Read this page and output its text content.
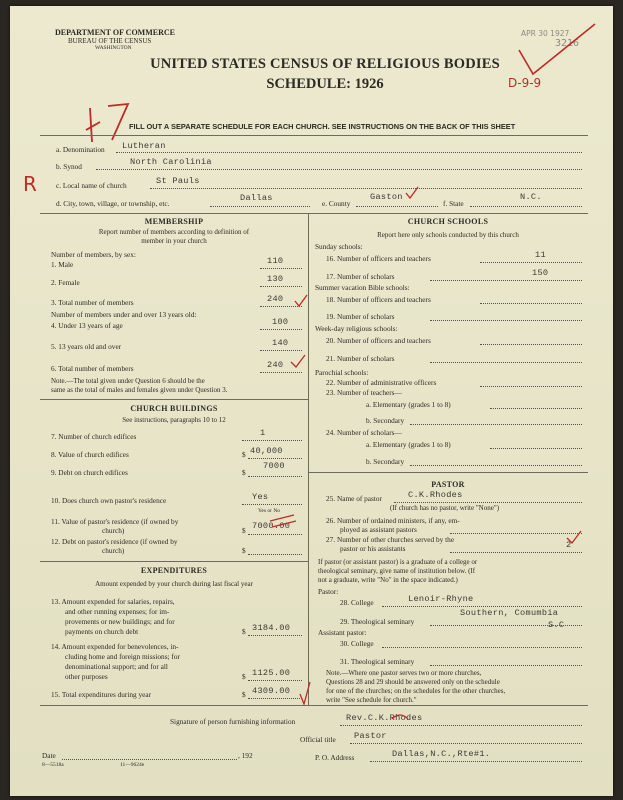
DEPARTMENT OF COMMERCE
BUREAU OF THE CENSUS
WASHINGTON
UNITED STATES CENSUS OF RELIGIOUS BODIES
SCHEDULE: 1926
APR 30 1927
3216
D-9-9
FILL OUT A SEPARATE SCHEDULE FOR EACH CHURCH. SEE INSTRUCTIONS ON THE BACK OF THIS SHEET
R
a. Denomination Lutheran
b. Synod	North Carolinia
c. Local name of church	St Pauls
d. City, town, village, or township, etc.
Dallas
e. County
Gaston
f. State
N.C.
MEMBERSHIP
Report number of members according to definition of
member in your church
Number of members, by sex:
1. Male	110
2. Female	130
3. Total number of members	240
Number of members under and over 13 years old:
4. Under 13 years of age	100
5. 13 years old and over	140
6. Total number of members	240
Note.—The total given under Question 6 should be the
same as the total of males and females given under Question 3.
CHURCH BUILDINGS
See instructions, paragraphs 10 to 12
7. Number of church edifices	1
8. Value of church edifices	$ 40,000
9. Debt on church edifices	$
7000
10. Does church own pastor's residence	Yes
Yes or No
11. Value of pastor's residence (if owned by
church)	$ 7000.00
12. Debt on pastor's residence (if owned by
church)	$
EXPENDITURES
Amount expended by your church during last fiscal year
13. Amount expended for salaries, repairs,
and other running expenses; for im-
provements or new buildings; and for
payments on church debt	$ 3184.00
14. Amount expended for benevolences, in-
cluding home and foreign missions; for
denominational support; and for all
other purposes	$ 1125.00
15. Total expenditures during year	$ 4309.00
CHURCH SCHOOLS
Report here only schools conducted by this church
Sunday schools:
16. Number of officers and teachers	11
17. Number of scholars	150
Summer vacation Bible schools:
18. Number of officers and teachers
19. Number of scholars
Week-day religious schools:
20. Number of officers and teachers
21. Number of scholars
Parochial schools:
22. Number of administrative officers
23. Number of teachers—
a. Elementary (grades 1 to 8)
b. Secondary
24. Number of scholars—
a. Elementary (grades 1 to 8)
b. Secondary
PASTOR
25. Name of pastor	C.K.Rhodes
(If church has no pastor, write "None")
26. Number of ordained ministers, if any, em-
ployed as assistant pastors
27. Number of other churches served by the
pastor or his assistants	2
If pastor (or assistant pastor) is a graduate of a college or
theological seminary, give name of institution below. (If
not a graduate, write "No" in the space indicated.)
Pastor:
28. College	Lenoir-Rhyne
29. Theological seminary
Southern, Comumbia
S.C
Assistant pastor:
30. College
31. Theological seminary
Note.—Where one pastor serves two or more churches,
Questions 28 and 29 should be answered only on the schedule
for one of the churches; on the schedules for the other churches,
write "See schedule for church."
Signature of person furnishing information	Rev.C.K.Rhodes
Official title Pastor
Date	, 192	P. O. Address	Dallas,N.C.,Rte#1.
8—5518a	11—9624e
